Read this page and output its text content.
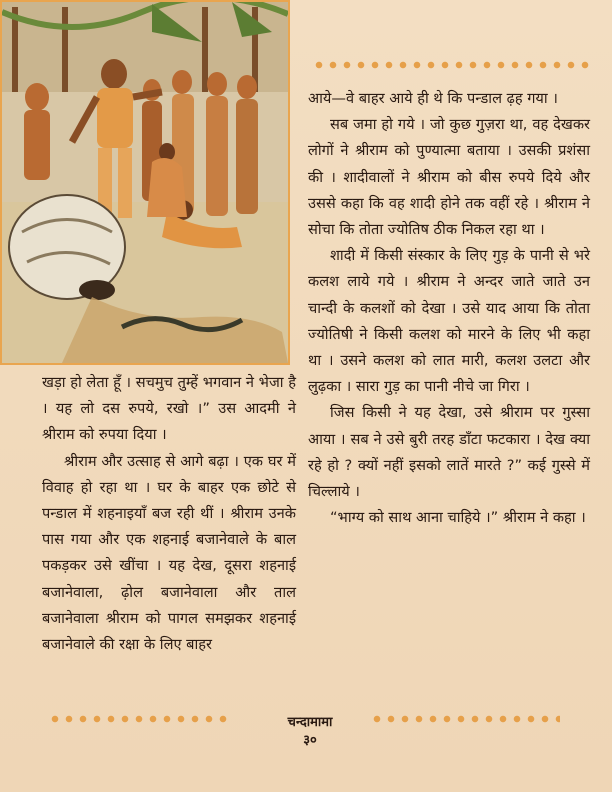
आये—वे बाहर आये ही थे कि पन्डाल ढ़ह गया ।

सब जमा हो गये । जो कुछ गुज़रा था, वह देखकर लोगों ने श्रीराम को पुण्यात्मा बताया । उसकी प्रशंसा की । शादीवालों ने श्रीराम को बीस रुपये दिये और उससे कहा कि वह शादी होने तक वहीं रहे । श्रीराम ने सोचा कि तोता ज्योतिष ठीक निकल रहा था ।

शादी में किसी संस्कार के लिए गुड़ के पानी से भरे कलश लाये गये । श्रीराम ने अन्दर जाते जाते उन चान्दी के कलशों को देखा । उसे याद आया कि तोता ज्योतिषी ने किसी कलश को मारने के लिए भी कहा था । उसने कलश को लात मारी, कलश उलटा और लुढ़का । सारा गुड़ का पानी नीचे जा गिरा ।

जिस किसी ने यह देखा, उसे श्रीराम पर गुस्सा आया । सब ने उसे बुरी तरह डाँटा फटकारा । देख क्या रहे हो ? क्यों नहीं इसको लातें मारते ?” कई गुस्से में चिल्लाये ।

“भाग्य को साथ आना चाहिये ।” श्रीराम ने कहा ।

खड़ा हो लेता हूँ । सचमुच तुम्हें भगवान ने भेजा है । यह लो दस रुपये, रखो ।” उस आदमी ने श्रीराम को रुपया दिया ।

श्रीराम और उत्साह से आगे बढ़ा । एक घर में विवाह हो रहा था । घर के बाहर एक छोटे से पन्डाल में शहनाइयाँ बज रही थीं । श्रीराम उनके पास गया और एक शहनाई बजानेवाले के बाल पकड़कर उसे खींचा । यह देख, दूसरा शहनाई बजानेवाला, ढ़ोल बजानेवाला और ताल बजानेवाला श्रीराम को पागल समझकर शहनाई बजानेवाले की रक्षा के लिए बाहर

चन्दामामा
३०
